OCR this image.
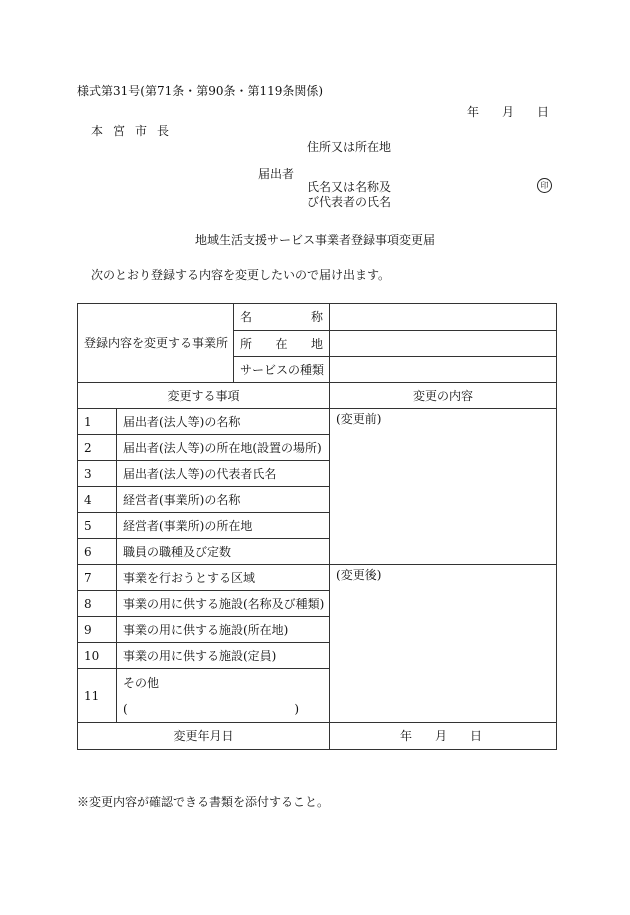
様式第31号(第71条・第90条・第119条関係)
年 月 日
本 宮 市 長
住所又は所在地
届出者
氏名又は名称及
び代表者の氏名
印
地域生活支援サービス事業者登録事項変更届
次のとおり登録する内容を変更したいので届け出ます。
登録内容を変更する事業所		名 称	

		所 在 地	

		サービスの種類	
変更する事項			変更の内容
1	届出者(法人等)の名称		(変更前)
2	届出者(法人等)の所在地(設置の場所)		
3	届出者(法人等)の代表者氏名		
4	経営者(事業所)の名称		
5	経営者(事業所)の所在地		
6	職員の職種及び定数		
7	事業を行おうとする区域		(変更後)
8	事業の用に供する施設(名称及び種類)		
9	事業の用に供する施設(所在地)		
10	事業の用に供する施設(定員)		
11	その他
( )		

変更年月日			年 月 日
※変更内容が確認できる書類を添付すること。
